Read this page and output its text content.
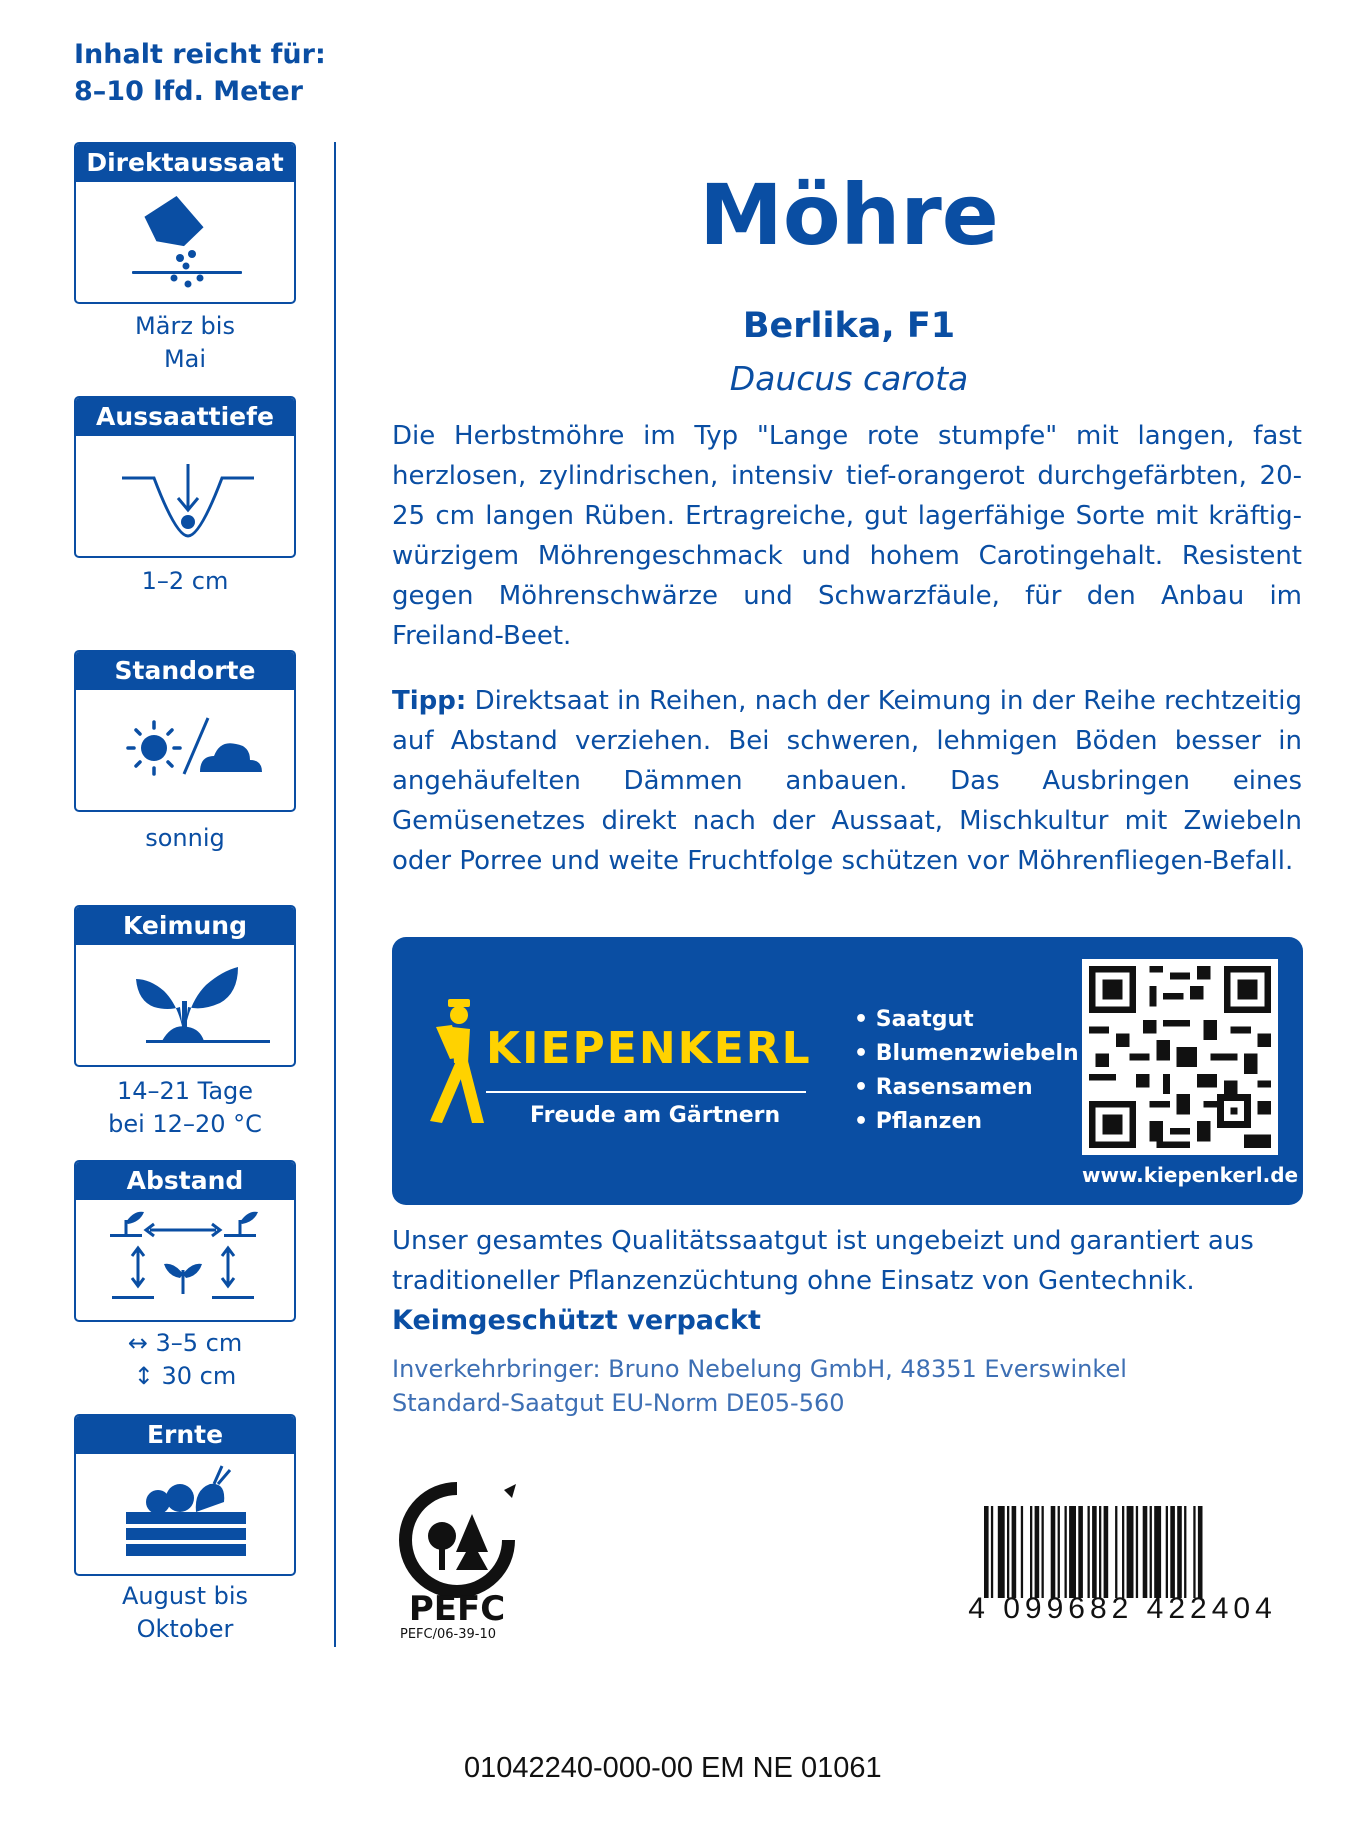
Inhalt reicht für:
8–10 lfd. Meter
Direktaussaat
März bis
Mai
Aussaattiefe
1–2 cm
Standorte
sonnig
Keimung
14–21 Tage
bei 12–20 °C
Abstand
↔ 3–5 cm
↕ 30 cm
Ernte
August bis
Oktober
Möhre
Berlika, F1
Daucus carota
Die Herbstmöhre im Typ "Lange rote stumpfe" mit langen, fast herzlosen, zylindrischen, intensiv tief-orangerot durchgefärbten, 20-25 cm langen Rüben. Ertragreiche, gut lagerfähige Sorte mit kräftig-würzigem Möhrengeschmack und hohem Carotingehalt. Resistent gegen Möhrenschwärze und Schwarzfäule, für den Anbau im Freiland-Beet.
Tipp: Direktsaat in Reihen, nach der Keimung in der Reihe rechtzeitig auf Abstand verziehen. Bei schweren, lehmigen Böden besser in angehäufelten Dämmen anbauen. Das Ausbringen eines Gemüsenetzes direkt nach der Aussaat, Mischkultur mit Zwiebeln oder Porree und weite Fruchtfolge schützen vor Möhrenfliegen-Befall.
KIEPENKERL
Freude am Gärtnern
• Saatgut
• Blumenzwiebeln
• Rasensamen
• Pflanzen
www.kiepenkerl.de
Unser gesamtes Qualitätssaatgut ist ungebeizt und garantiert aus traditioneller Pflanzenzüchtung ohne Einsatz von Gentechnik.
Keimgeschützt verpackt
Inverkehrbringer: Bruno Nebelung GmbH, 48351 Everswinkel
Standard-Saatgut EU-Norm DE05-560
PEFC
PEFC/06-39-10
4 099682 422404
01042240-000-00 EM NE 01061
